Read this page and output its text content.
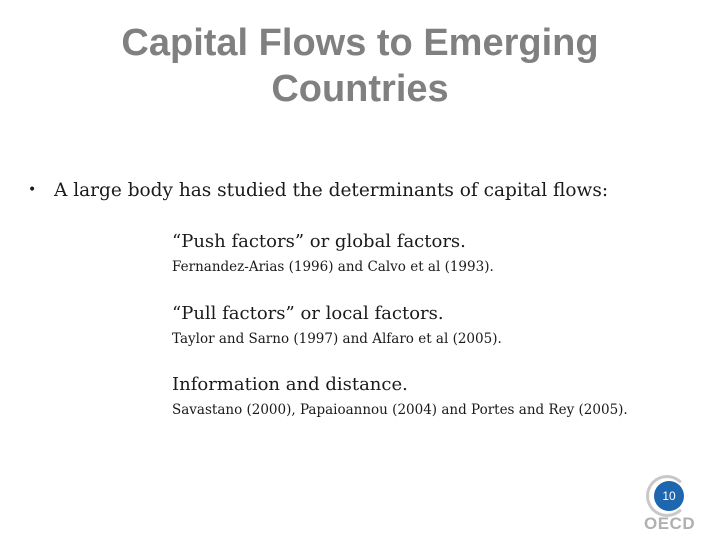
Capital Flows to Emerging
Countries
• A large body has studied the determinants of capital flows:
“Push factors” or global factors.
Fernandez-Arias (1996) and Calvo et al (1993).
“Pull factors” or local factors.
Taylor and Sarno (1997) and Alfaro et al (2005).
Information and distance.
Savastano (2000), Papaioannou (2004) and Portes and Rey (2005).
10
OECD
